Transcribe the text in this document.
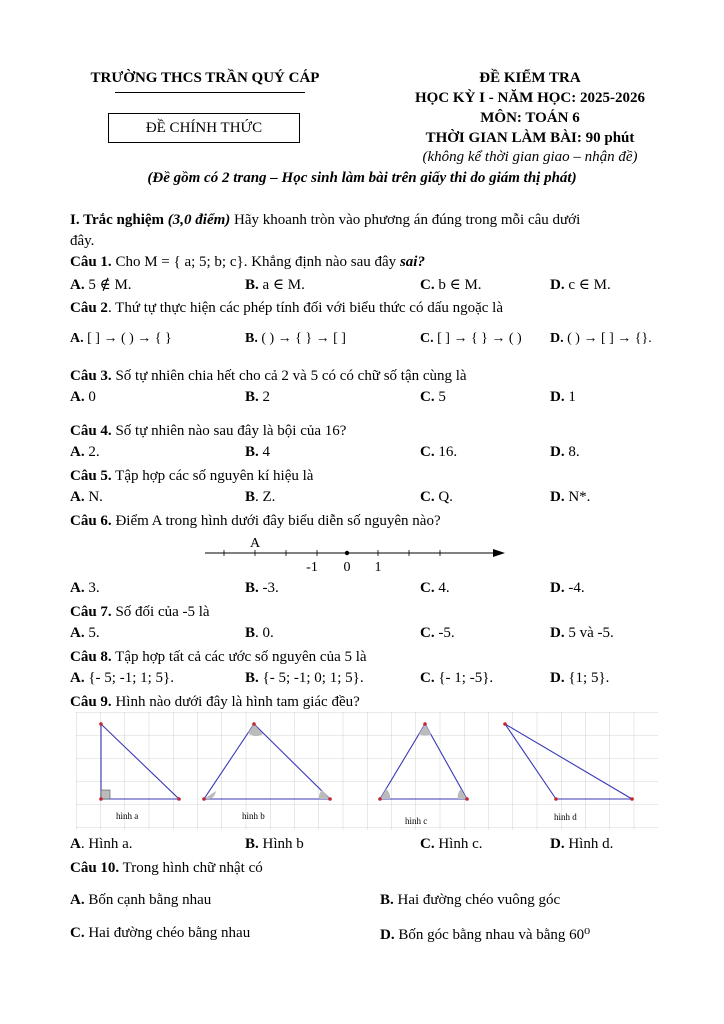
TRƯỜNG THCS TRẦN QUÝ CÁP
ĐỀ CHÍNH THỨC
ĐỀ KIỂM TRA
HỌC KỲ I - NĂM HỌC: 2025-2026
MÔN: TOÁN 6
THỜI GIAN LÀM BÀI: 90 phút
(không kể thời gian giao – nhận đề)
(Đề gồm có 2 trang – Học sinh làm bài trên giấy thi do giám thị phát)
I. Trắc nghiệm (3,0 điểm) Hãy khoanh tròn vào phương án đúng trong mỗi câu dưới
đây.
Câu 1. Cho M = { a; 5; b; c}. Khẳng định nào sau đây sai?
A. 5 ∉ M.	B. a ∈ M.	C. b ∈ M.	D. c ∈ M.
Câu 2. Thứ tự thực hiện các phép tính đối với biểu thức có dấu ngoặc là
A. [ ] → ( ) → { }	B. ( ) → { } → [ ]	C. [ ] → { } → ( ) D. ( ) → [ ] → {}.
Câu 3. Số tự nhiên chia hết cho cả 2 và 5 có có chữ số tận cùng là
A. 0	B. 2	C. 5	D. 1
Câu 4. Số tự nhiên nào sau đây là bội của 16?
A. 2.	B. 4	C. 16.	D. 8.
Câu 5. Tập hợp các số nguyên kí hiệu là
A. N.	B. Z.	C. Q.	D. N*.
Câu 6. Điểm A trong hình dưới đây biểu diễn số nguyên nào?
A
-1 0 1
A. 3.	B. -3.	C. 4.	D. -4.
Câu 7. Số đối của -5 là
A. 5.	B. 0.	C. -5.	D. 5 và -5.
Câu 8. Tập hợp tất cả các ước số nguyên của 5 là
A. {- 5; -1; 1; 5}.	B. {- 5; -1; 0; 1; 5}.	C. {- 1; -5}.	D. {1; 5}.
Câu 9. Hình nào dưới đây là hình tam giác đều?
hình a	hình b	hình c	hình d
A. Hình a.	B. Hình b	C. Hình c.	D. Hình d.
Câu 10. Trong hình chữ nhật có
A. Bốn cạnh bằng nhau	B. Hai đường chéo vuông góc
C. Hai đường chéo bằng nhau	D. Bốn góc bằng nhau và bằng 60⁰
